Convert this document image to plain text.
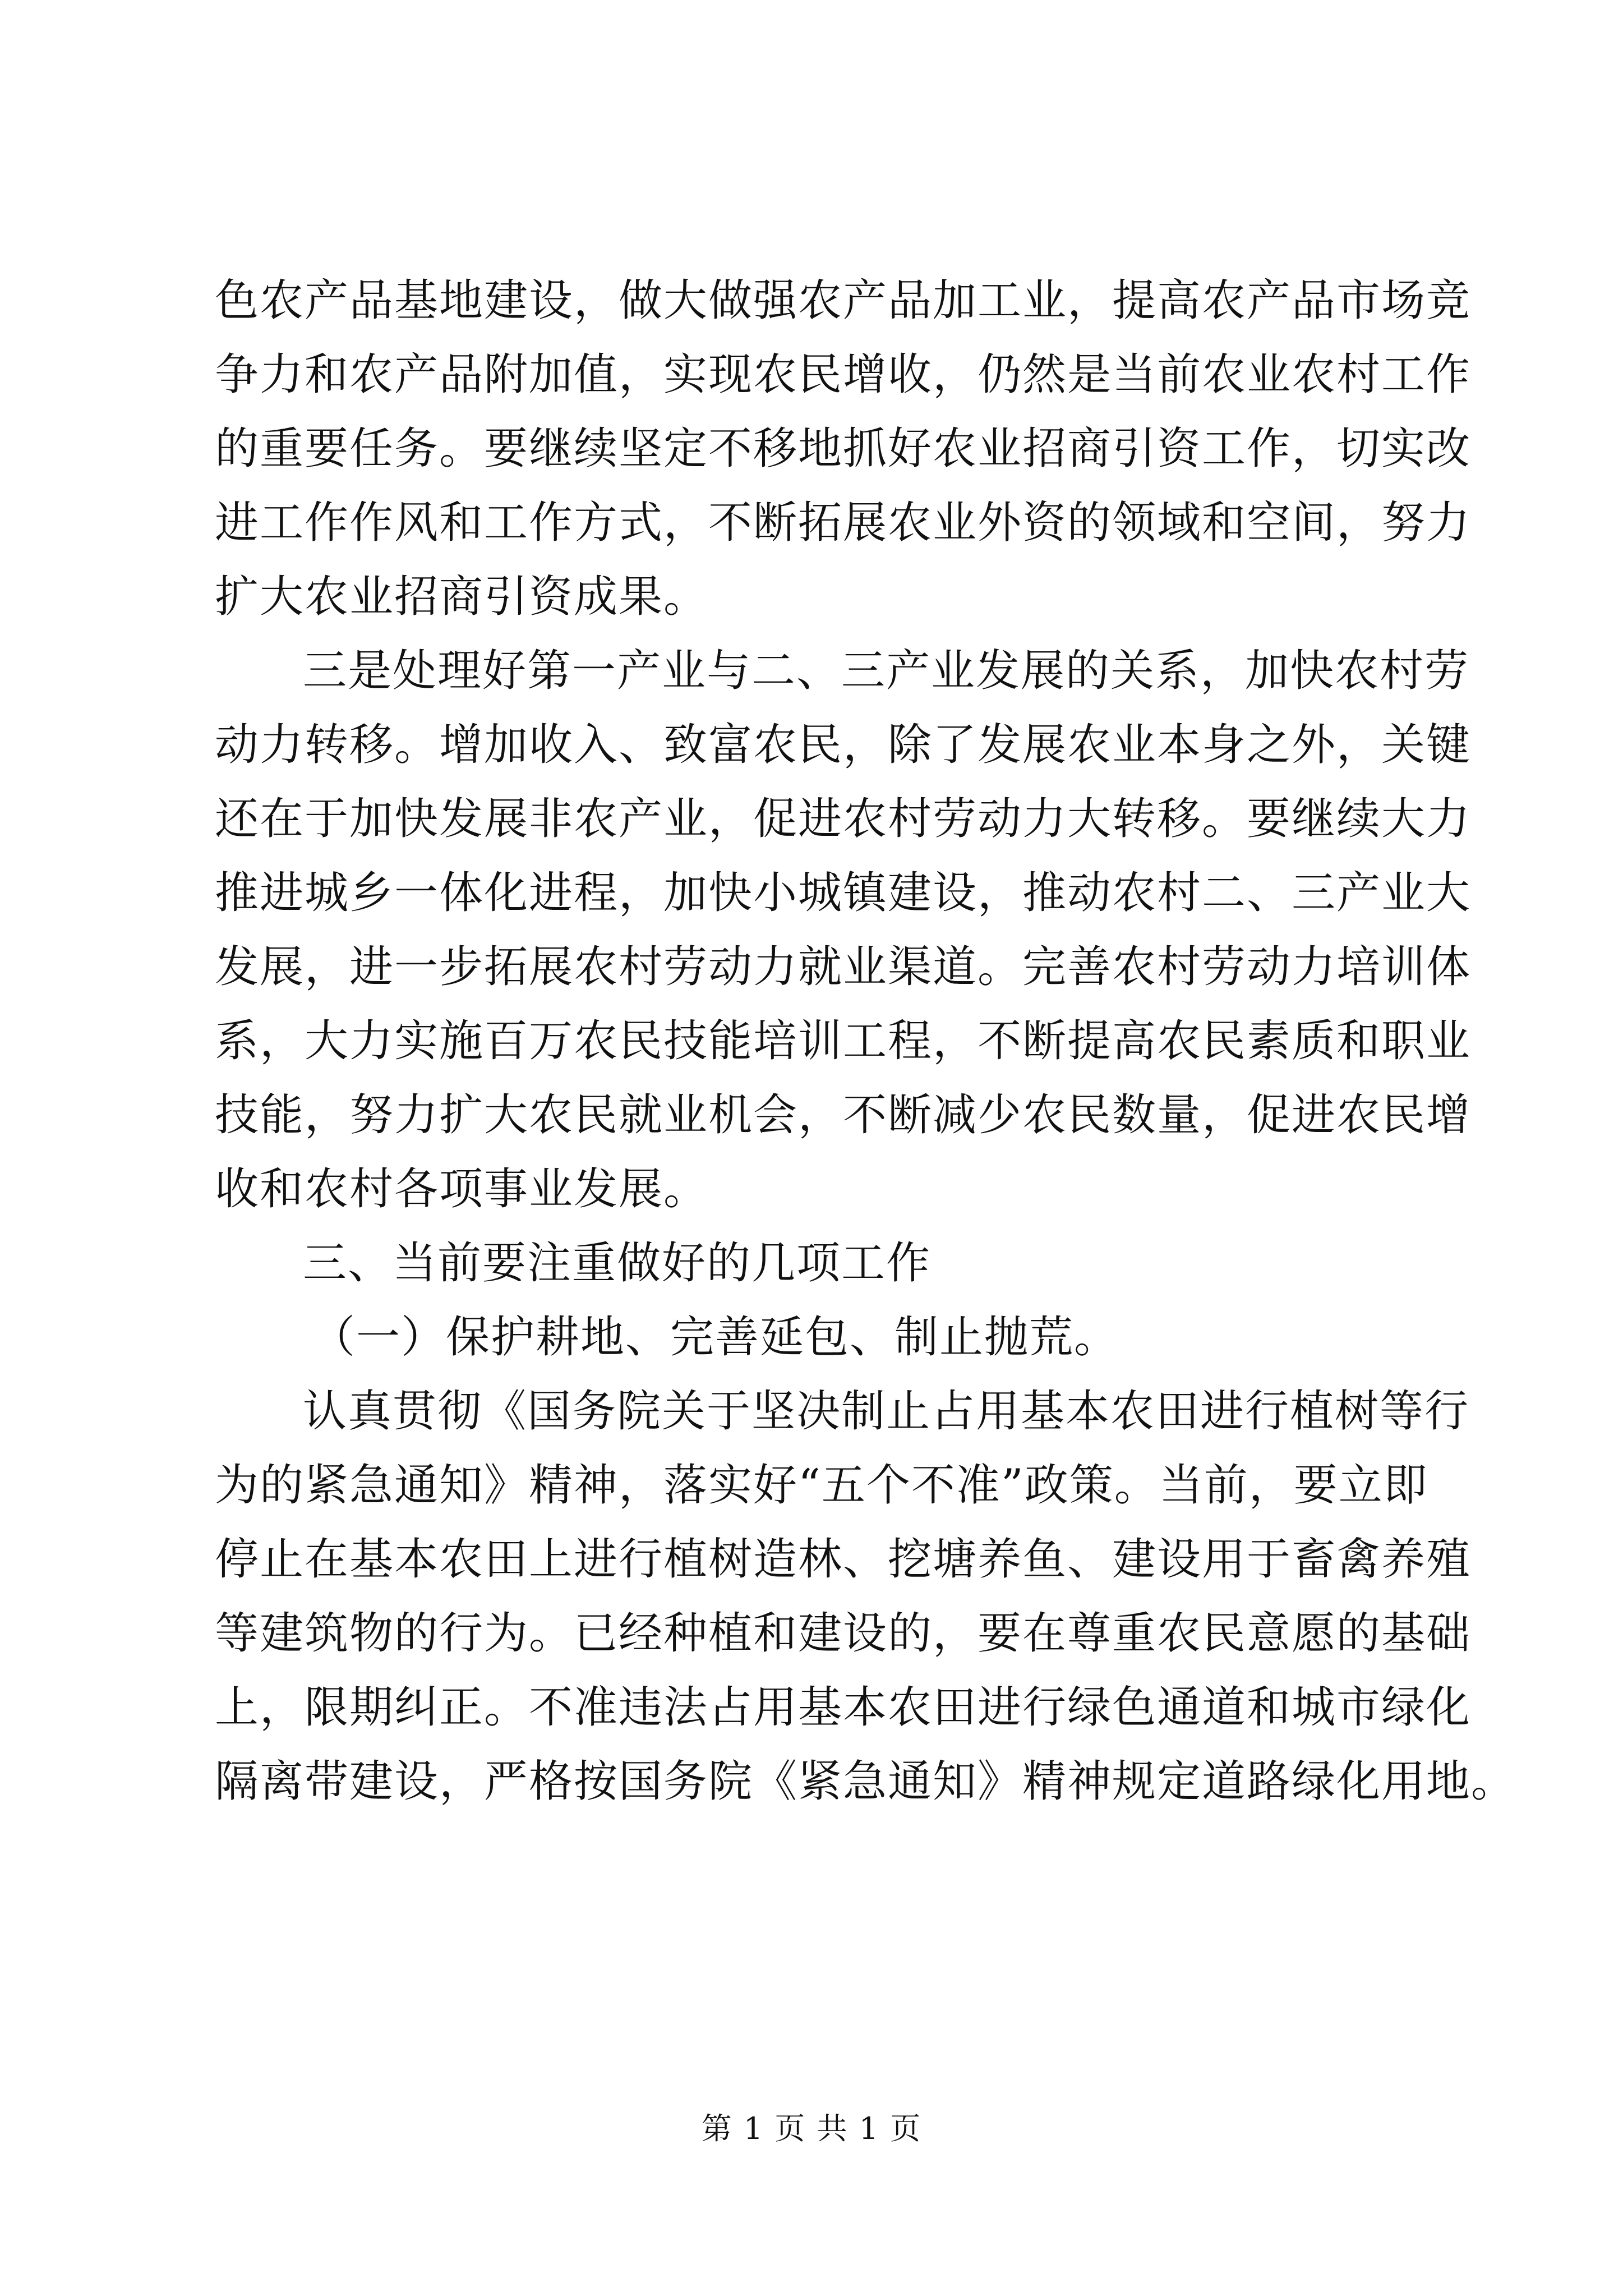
色农产品基地建设，做大做强农产品加工业，提高农产品市场竞
争力和农产品附加值，实现农民增收，仍然是当前农业农村工作
的重要任务。要继续坚定不移地抓好农业招商引资工作，切实改
进工作作风和工作方式，不断拓展农业外资的领域和空间，努力
扩大农业招商引资成果。
三是处理好第一产业与二、三产业发展的关系，加快农村劳
动力转移。增加收入、致富农民，除了发展农业本身之外，关键
还在于加快发展非农产业，促进农村劳动力大转移。要继续大力
推进城乡一体化进程，加快小城镇建设，推动农村二、三产业大
发展，进一步拓展农村劳动力就业渠道。完善农村劳动力培训体
系，大力实施百万农民技能培训工程，不断提高农民素质和职业
技能，努力扩大农民就业机会，不断减少农民数量，促进农民增
收和农村各项事业发展。
三、当前要注重做好的几项工作
（一）保护耕地、完善延包、制止抛荒。
认真贯彻《国务院关于坚决制止占用基本农田进行植树等行
为的紧急通知》精神，落实好“五个不准”政策。当前，要立即
停止在基本农田上进行植树造林、挖塘养鱼、建设用于畜禽养殖
等建筑物的行为。已经种植和建设的，要在尊重农民意愿的基础
上，限期纠正。不准违法占用基本农田进行绿色通道和城市绿化
隔离带建设，严格按国务院《紧急通知》精神规定道路绿化用地。
第 1 页 共 1 页
